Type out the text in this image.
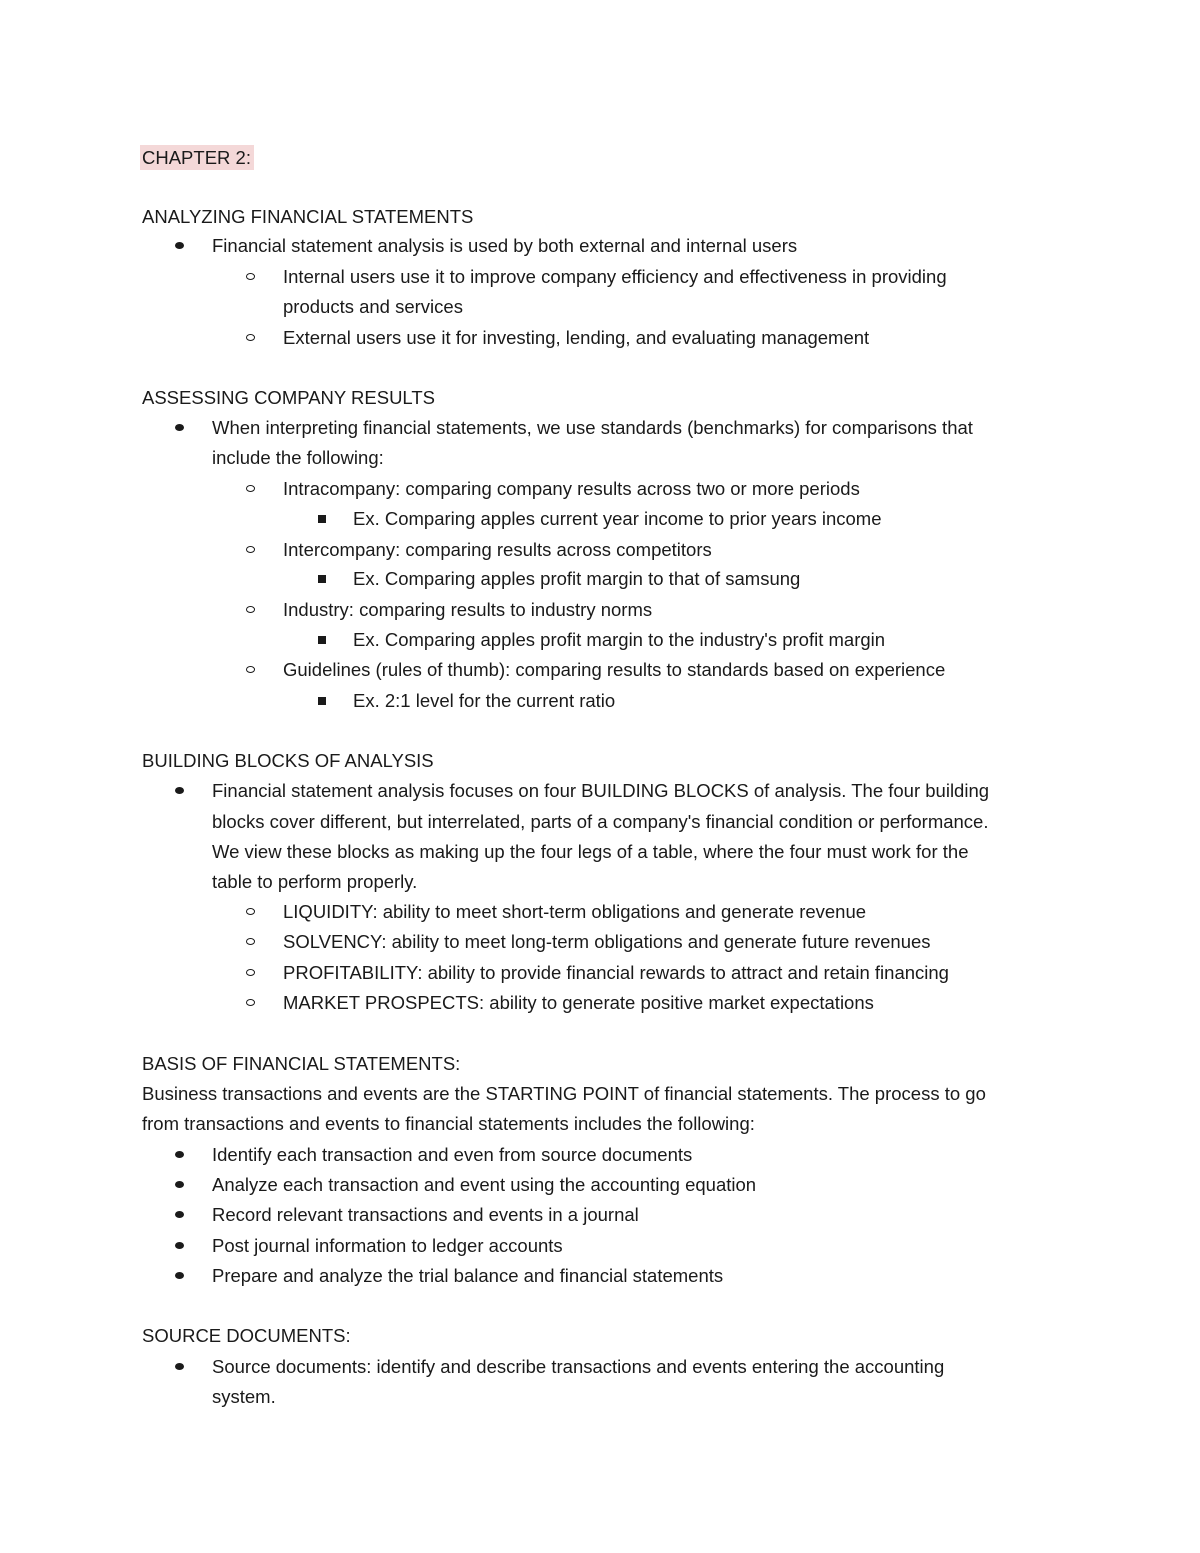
CHAPTER 2:
ANALYZING FINANCIAL STATEMENTS
Financial statement analysis is used by both external and internal users
Internal users use it to improve company efficiency and effectiveness in providing
products and services
External users use it for investing, lending, and evaluating management
ASSESSING COMPANY RESULTS
When interpreting financial statements, we use standards (benchmarks) for comparisons that
include the following:
Intracompany: comparing company results across two or more periods
Ex. Comparing apples current year income to prior years income
Intercompany: comparing results across competitors
Ex. Comparing apples profit margin to that of samsung
Industry: comparing results to industry norms
Ex. Comparing apples profit margin to the industry's profit margin
Guidelines (rules of thumb): comparing results to standards based on experience
Ex. 2:1 level for the current ratio
BUILDING BLOCKS OF ANALYSIS
Financial statement analysis focuses on four BUILDING BLOCKS of analysis. The four building
blocks cover different, but interrelated, parts of a company's financial condition or performance.
We view these blocks as making up the four legs of a table, where the four must work for the
table to perform properly.
LIQUIDITY: ability to meet short-term obligations and generate revenue
SOLVENCY: ability to meet long-term obligations and generate future revenues
PROFITABILITY: ability to provide financial rewards to attract and retain financing
MARKET PROSPECTS: ability to generate positive market expectations
BASIS OF FINANCIAL STATEMENTS:
Business transactions and events are the STARTING POINT of financial statements. The process to go
from transactions and events to financial statements includes the following:
Identify each transaction and even from source documents
Analyze each transaction and event using the accounting equation
Record relevant transactions and events in a journal
Post journal information to ledger accounts
Prepare and analyze the trial balance and financial statements
SOURCE DOCUMENTS:
Source documents: identify and describe transactions and events entering the accounting
system.
